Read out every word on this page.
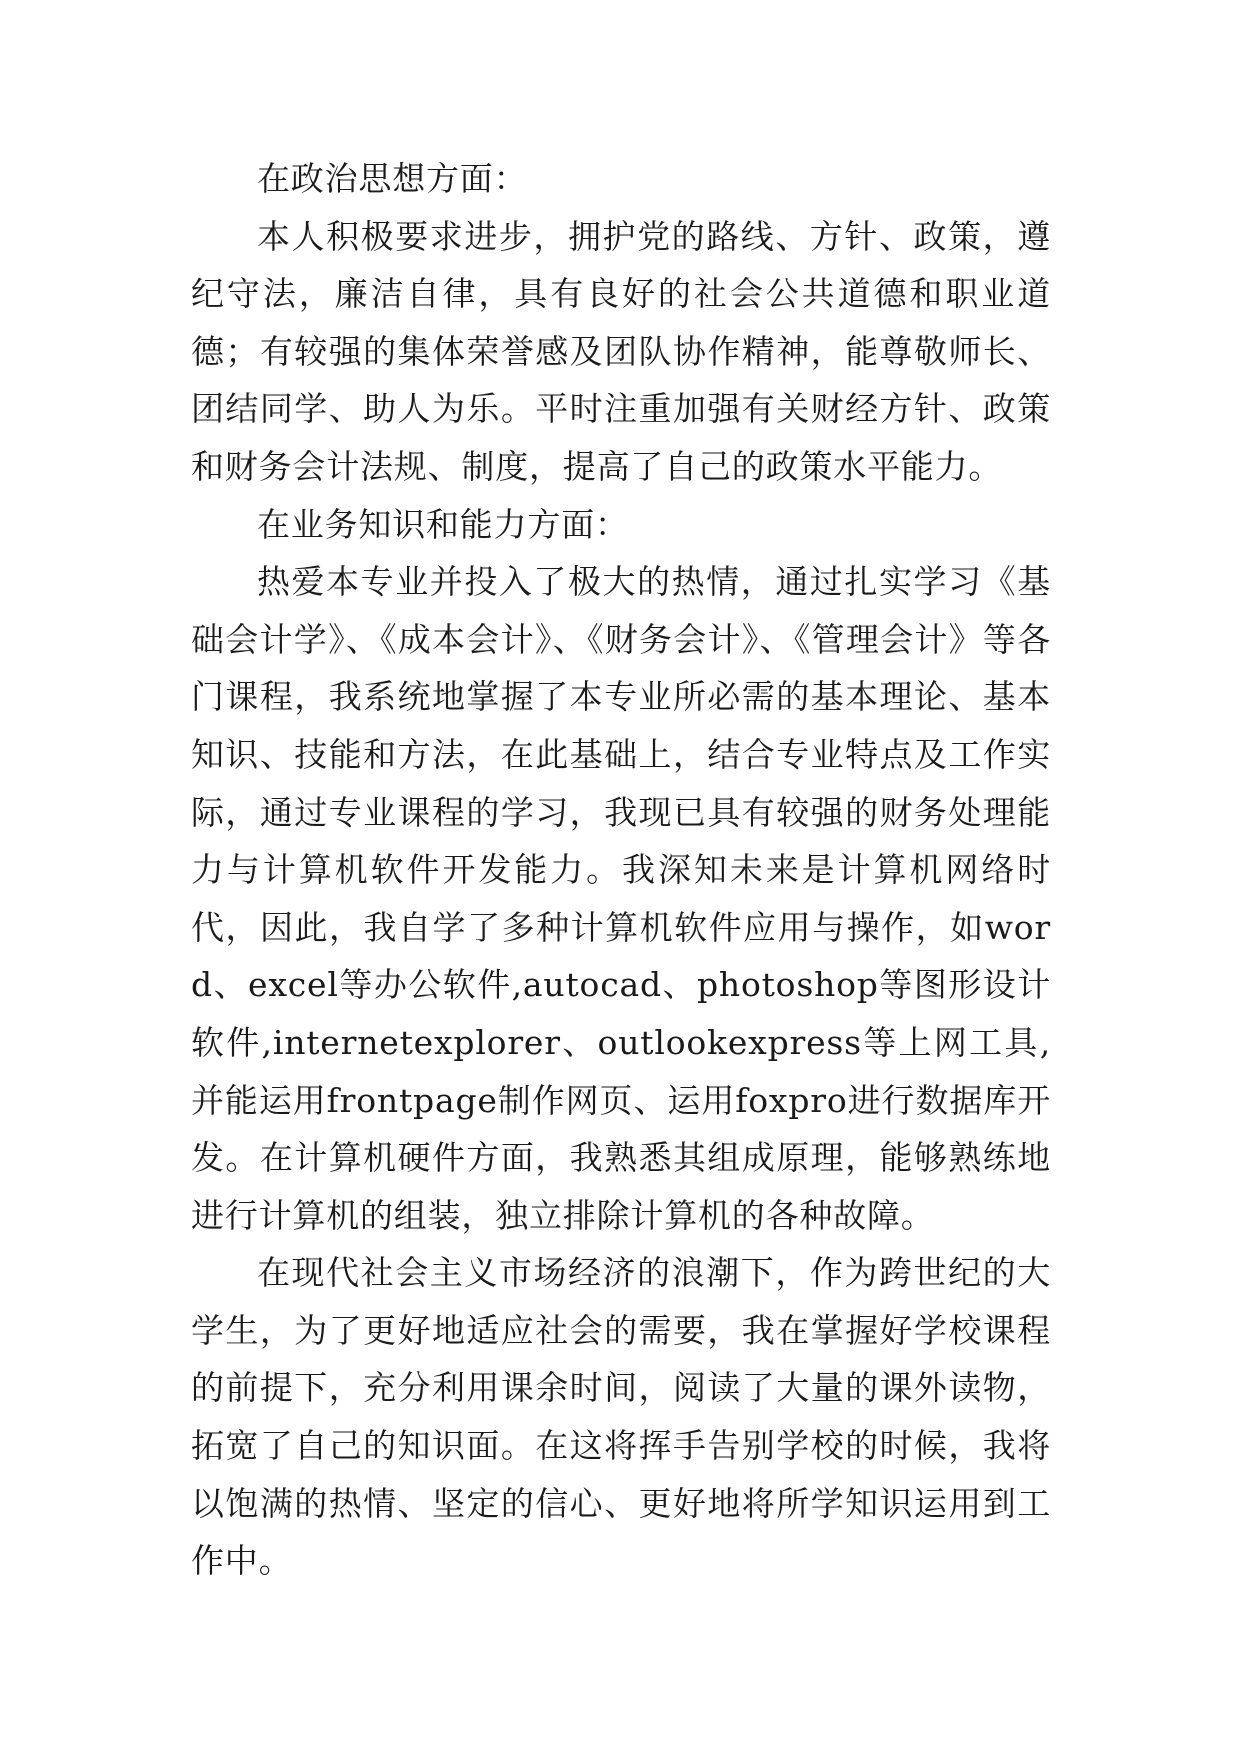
在政治思想方面：

本人积极要求进步，拥护党的路线、方针、政策，遵纪守法，廉洁自律，具有良好的社会公共道德和职业道德；有较强的集体荣誉感及团队协作精神，能尊敬师长、团结同学、助人为乐。平时注重加强有关财经方针、政策和财务会计法规、制度，提高了自己的政策水平能力。

在业务知识和能力方面：

热爱本专业并投入了极大的热情，通过扎实学习《基础会计学》、《成本会计》、《财务会计》、《管理会计》等各门课程，我系统地掌握了本专业所必需的基本理论、基本知识、技能和方法，在此基础上，结合专业特点及工作实际，通过专业课程的学习，我现已具有较强的财务处理能力与计算机软件开发能力。我深知未来是计算机网络时代，因此，我自学了多种计算机软件应用与操作，如word、excel等办公软件,autocad、photoshop等图形设计软件,internetexplorer、outlookexpress等上网工具,并能运用frontpage制作网页、运用foxpro进行数据库开发。在计算机硬件方面，我熟悉其组成原理，能够熟练地进行计算机的组装，独立排除计算机的各种故障。

在现代社会主义市场经济的浪潮下，作为跨世纪的大学生，为了更好地适应社会的需要，我在掌握好学校课程的前提下，充分利用课余时间，阅读了大量的课外读物，拓宽了自己的知识面。在这将挥手告别学校的时候，我将以饱满的热情、坚定的信心、更好地将所学知识运用到工作中。
